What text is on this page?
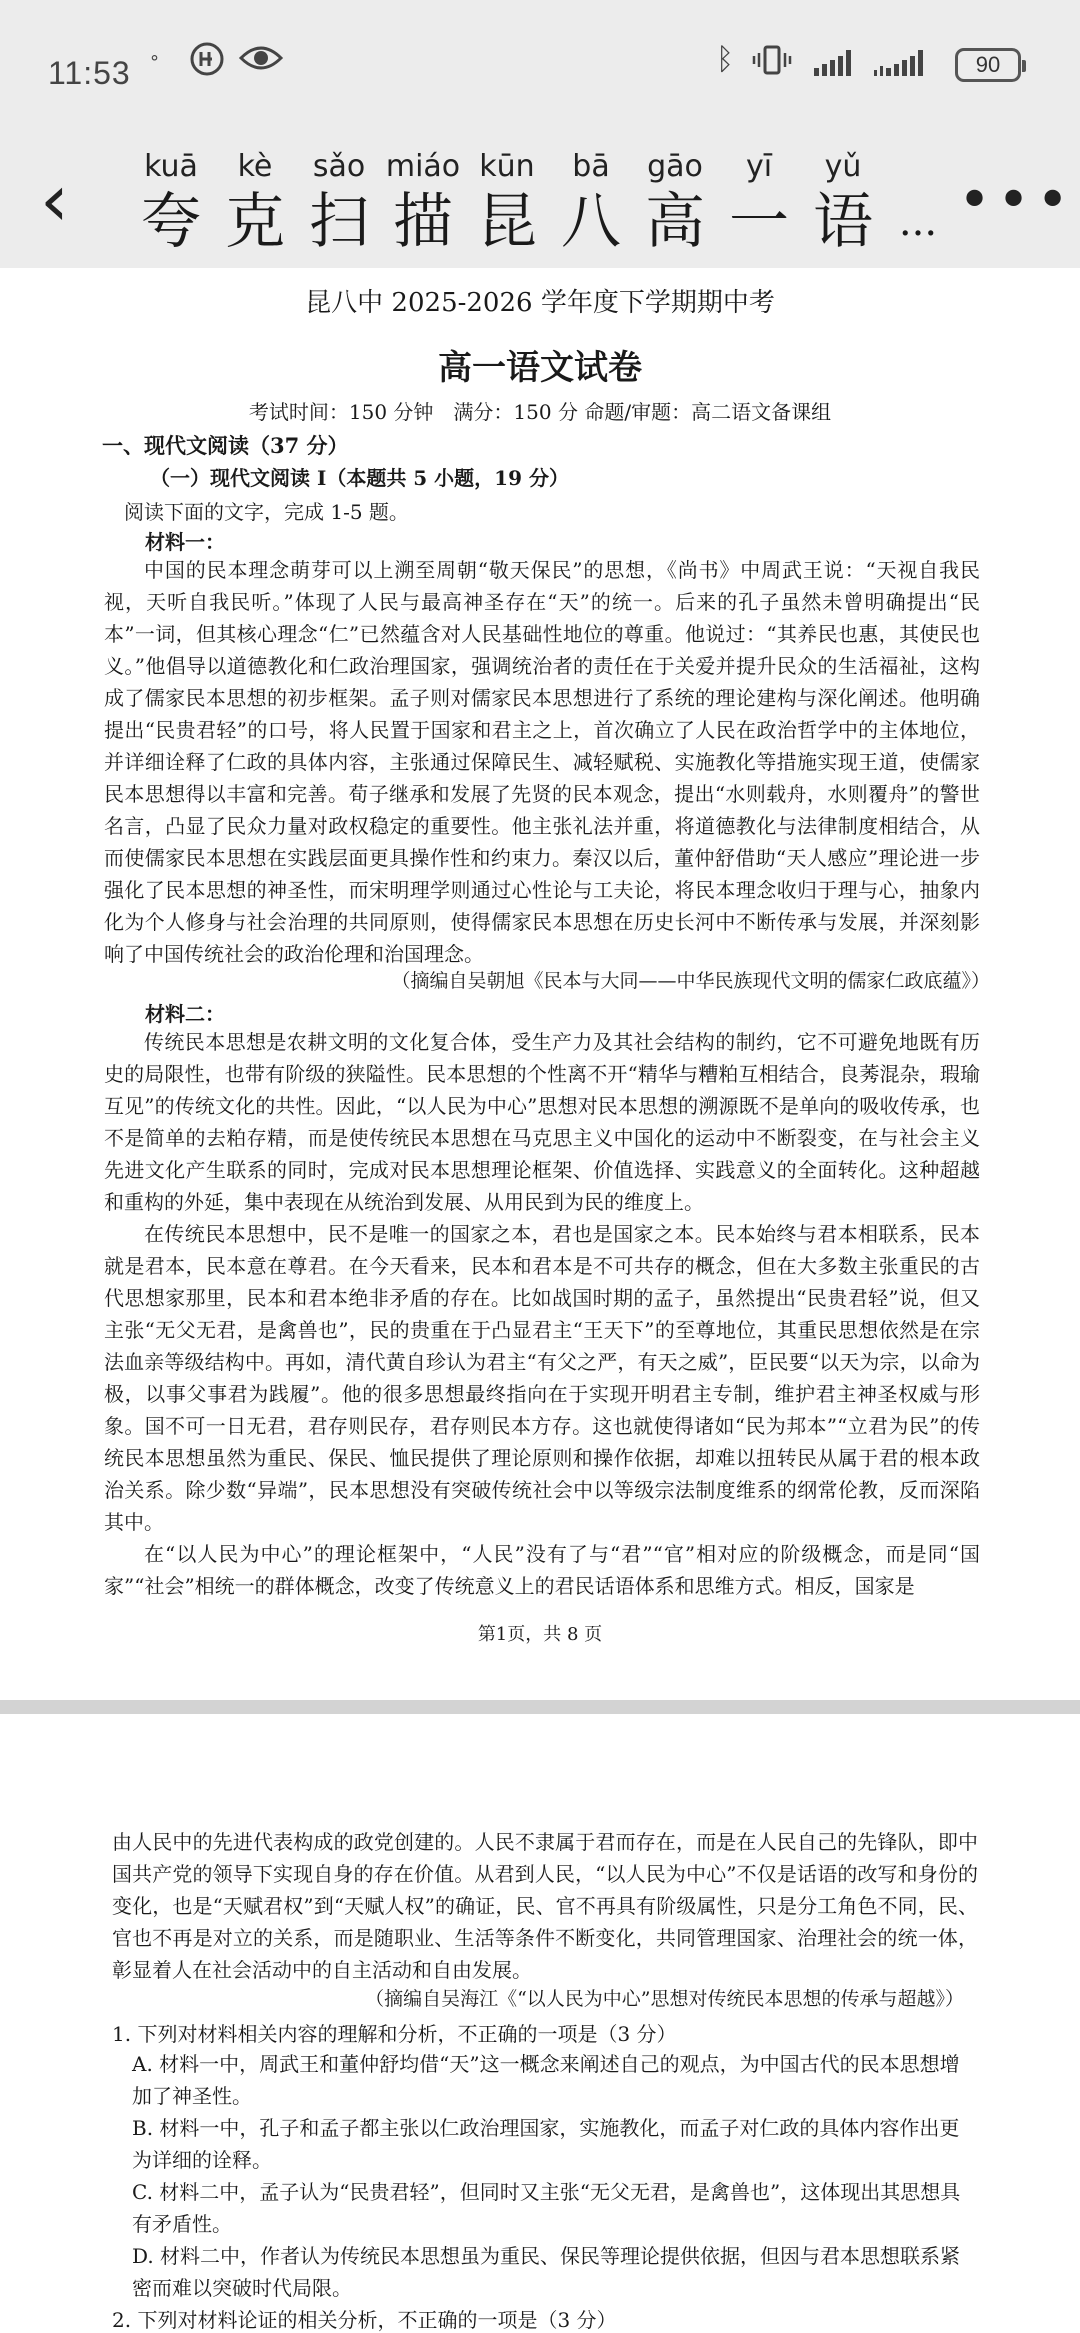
11:53 °	ᛒ	90
‹	kuā
夸
kè
克
sǎo
扫
miáo
描
kūn
昆
bā
八
gāo
高
yī
一
yǔ
语 ... •••
昆八中 2025-2026 学年度下学期期中考
高一语文试卷
考试时间：150 分钟　满分：150 分 命题/审题：高二语文备课组
一、现代文阅读（37 分）
（一）现代文阅读 I（本题共 5 小题，19 分）
阅读下面的文字，完成 1-5 题。
材料一：
中国的民本理念萌芽可以上溯至周朝“敬天保民”的思想，《尚书》中周武王说：“天视自我民视，天听自我民听。”体现了人民与最高神圣存在“天”的统一。后来的孔子虽然未曾明确提出“民本”一词，但其核心理念“仁”已然蕴含对人民基础性地位的尊重。他说过：“其养民也惠，其使民也义。”他倡导以道德教化和仁政治理国家，强调统治者的责任在于关爱并提升民众的生活福祉，这构成了儒家民本思想的初步框架。孟子则对儒家民本思想进行了系统的理论建构与深化阐述。他明确提出“民贵君轻”的口号，将人民置于国家和君主之上，首次确立了人民在政治哲学中的主体地位，并详细诠释了仁政的具体内容，主张通过保障民生、减轻赋税、实施教化等措施实现王道，使儒家民本思想得以丰富和完善。荀子继承和发展了先贤的民本观念，提出“水则载舟，水则覆舟”的警世名言，凸显了民众力量对政权稳定的重要性。他主张礼法并重，将道德教化与法律制度相结合，从而使儒家民本思想在实践层面更具操作性和约束力。秦汉以后，董仲舒借助“天人感应”理论进一步强化了民本思想的神圣性，而宋明理学则通过心性论与工夫论，将民本理念收归于理与心，抽象内化为个人修身与社会治理的共同原则，使得儒家民本思想在历史长河中不断传承与发展，并深刻影响了中国传统社会的政治伦理和治国理念。
（摘编自吴朝旭《民本与大同——中华民族现代文明的儒家仁政底蕴》）
材料二：
传统民本思想是农耕文明的文化复合体，受生产力及其社会结构的制约，它不可避免地既有历史的局限性，也带有阶级的狭隘性。民本思想的个性离不开“精华与糟粕互相结合，良莠混杂，瑕瑜互见”的传统文化的共性。因此，“以人民为中心”思想对民本思想的溯源既不是单向的吸收传承，也不是简单的去粕存精，而是使传统民本思想在马克思主义中国化的运动中不断裂变，在与社会主义先进文化产生联系的同时，完成对民本思想理论框架、价值选择、实践意义的全面转化。这种超越和重构的外延，集中表现在从统治到发展、从用民到为民的维度上。
在传统民本思想中，民不是唯一的国家之本，君也是国家之本。民本始终与君本相联系，民本就是君本，民本意在尊君。在今天看来，民本和君本是不可共存的概念，但在大多数主张重民的古代思想家那里，民本和君本绝非矛盾的存在。比如战国时期的孟子，虽然提出“民贵君轻”说，但又主张“无父无君，是禽兽也”，民的贵重在于凸显君主“王天下”的至尊地位，其重民思想依然是在宗法血亲等级结构中。再如，清代黄自珍认为君主“有父之严，有天之威”，臣民要“以天为宗，以命为极，以事父事君为践履”。他的很多思想最终指向在于实现开明君主专制，维护君主神圣权威与形象。国不可一日无君，君存则民存，君存则民本方存。这也就使得诸如“民为邦本”“立君为民”的传统民本思想虽然为重民、保民、恤民提供了理论原则和操作依据，却难以扭转民从属于君的根本政治关系。除少数“异端”，民本思想没有突破传统社会中以等级宗法制度维系的纲常伦教，反而深陷其中。
在“以人民为中心”的理论框架中，“人民”没有了与“君”“官”相对应的阶级概念，而是同“国家”“社会”相统一的群体概念，改变了传统意义上的君民话语体系和思维方式。相反，国家是
第1页，共 8 页
由人民中的先进代表构成的政党创建的。人民不隶属于君而存在，而是在人民自己的先锋队，即中国共产党的领导下实现自身的存在价值。从君到人民，“以人民为中心”不仅是话语的改写和身份的变化，也是“天赋君权”到“天赋人权”的确证，民、官不再具有阶级属性，只是分工角色不同，民、官也不再是对立的关系，而是随职业、生活等条件不断变化，共同管理国家、治理社会的统一体，彰显着人在社会活动中的自主活动和自由发展。
（摘编自吴海江《“以人民为中心”思想对传统民本思想的传承与超越》）
1. 下列对材料相关内容的理解和分析，不正确的一项是（3 分）
A. 材料一中，周武王和董仲舒均借“天”这一概念来阐述自己的观点，为中国古代的民本思想增加了神圣性。
B. 材料一中，孔子和孟子都主张以仁政治理国家，实施教化，而孟子对仁政的具体内容作出更为详细的诠释。
C. 材料二中，孟子认为“民贵君轻”，但同时又主张“无父无君，是禽兽也”，这体现出其思想具有矛盾性。
D. 材料二中，作者认为传统民本思想虽为重民、保民等理论提供依据，但因与君本思想联系紧密而难以突破时代局限。
2. 下列对材料论证的相关分析，不正确的一项是（3 分）
